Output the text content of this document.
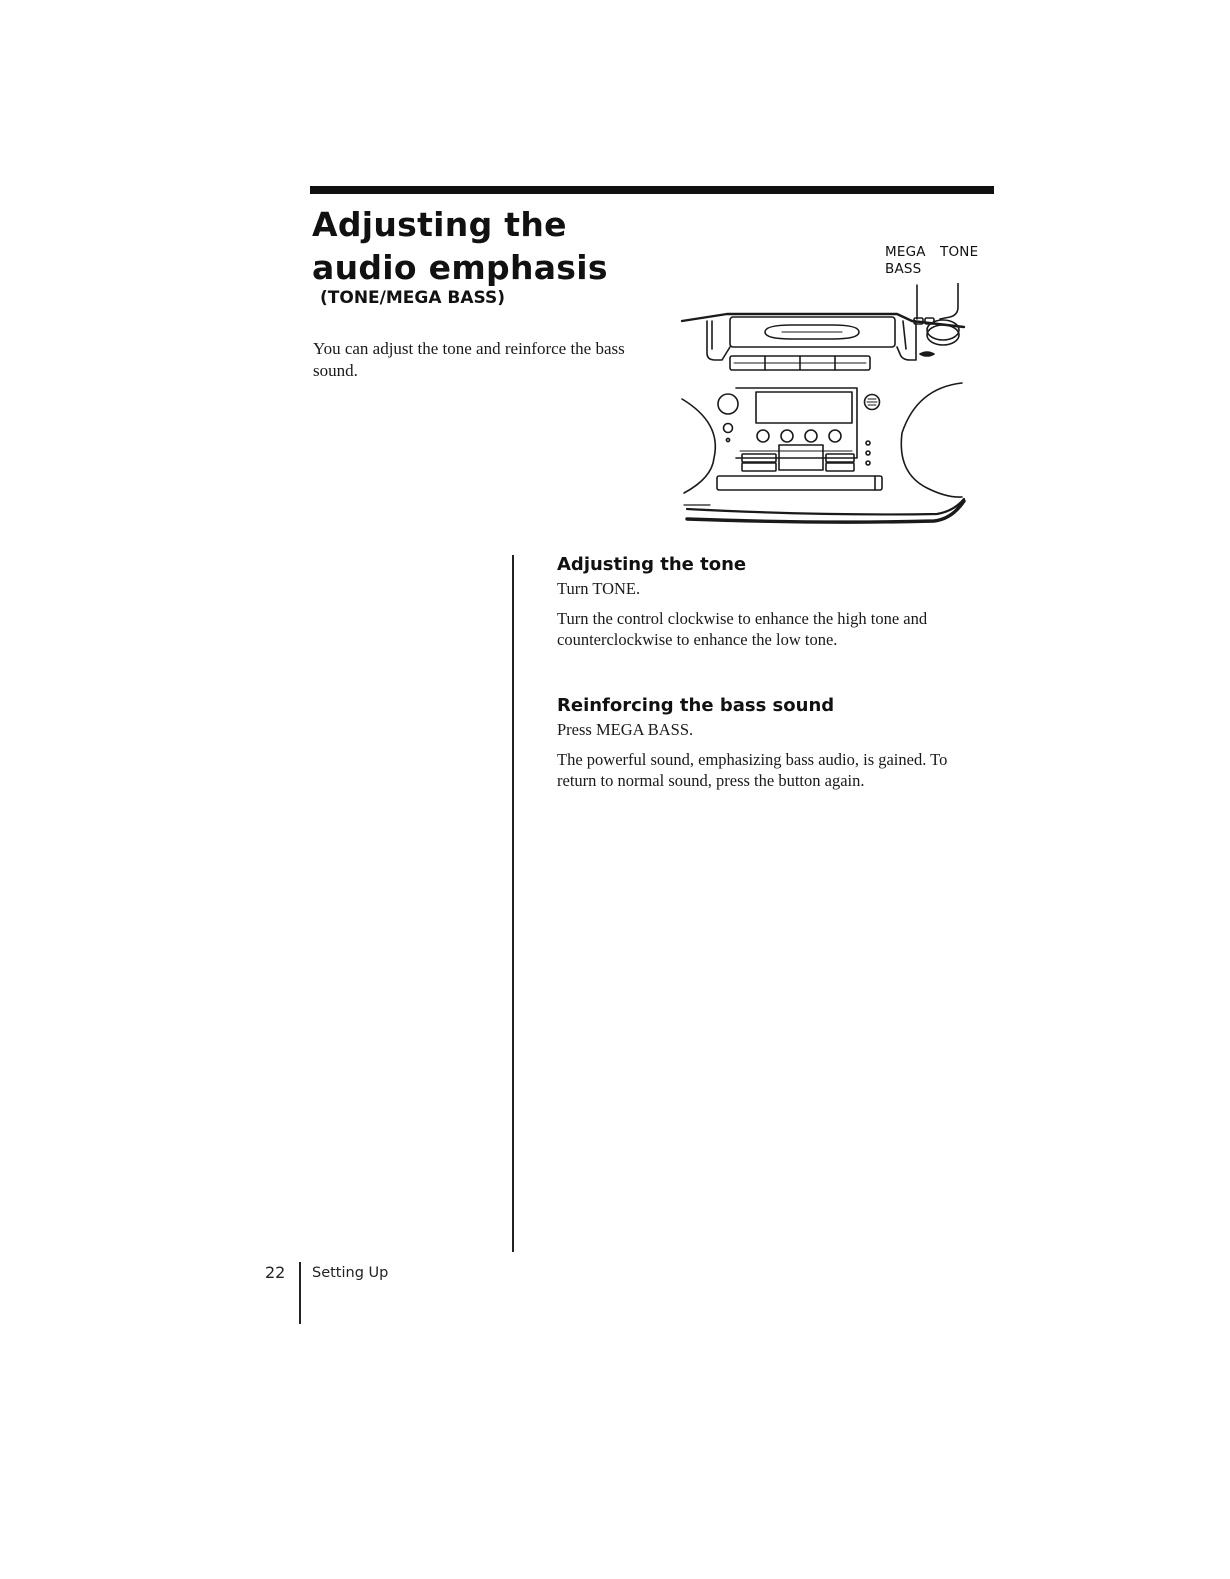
Adjusting the
audio emphasis
(TONE/MEGA BASS)

You can adjust the tone and reinforce the bass sound.

MEGA BASS
TONE
Adjusting the tone

Turn TONE.

Turn the control clockwise to enhance the high tone and counterclockwise to enhance the low tone.

Reinforcing the bass sound

Press MEGA BASS.

The powerful sound, emphasizing bass audio, is gained. To return to normal sound, press the button again.

22 Setting Up
